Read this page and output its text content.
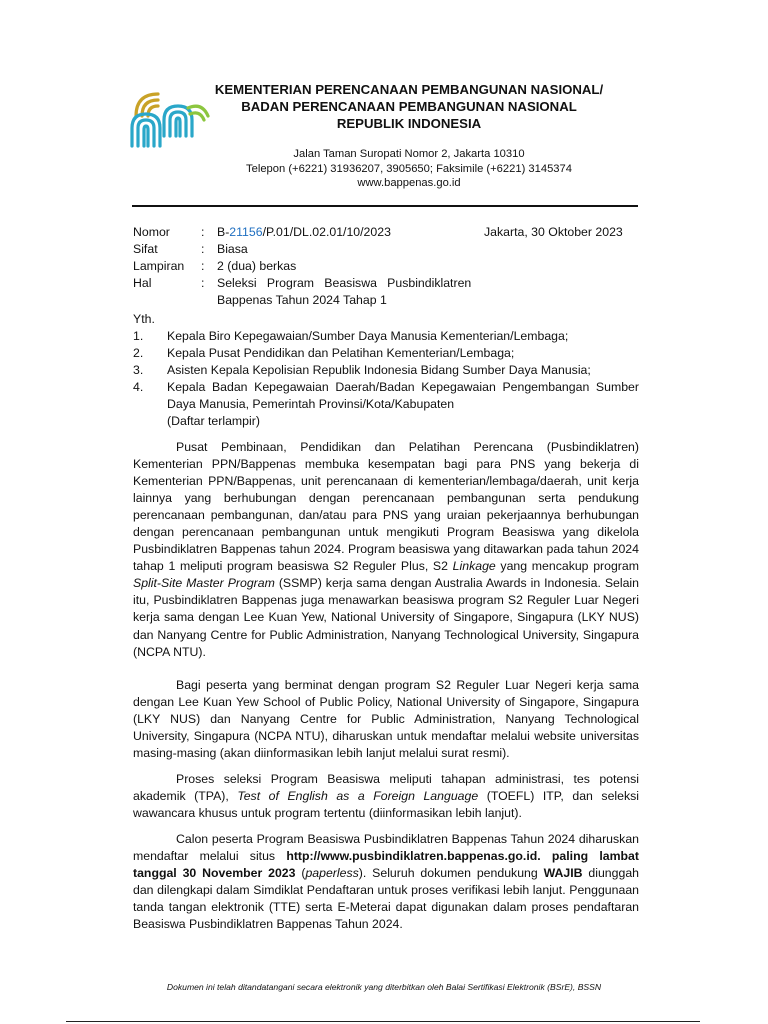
KEMENTERIAN PERENCANAAN PEMBANGUNAN NASIONAL/
BADAN PERENCANAAN PEMBANGUNAN NASIONAL
REPUBLIK INDONESIA
Jalan Taman Suropati Nomor 2, Jakarta 10310
Telepon (+6221) 31936207, 3905650; Faksimile (+6221) 3145374
www.bappenas.go.id
Nomor	: B-21156/P.01/DL.02.01/10/2023	Jakarta, 30 Oktober 2023
Sifat	: Biasa
Lampiran : 2 (dua) berkas
Hal	: Seleksi   Program   Beasiswa   Pusbindiklatren
Bappenas Tahun 2024 Tahap 1
Yth.
1. Kepala Biro Kepegawaian/Sumber Daya Manusia Kementerian/Lembaga;
2. Kepala Pusat Pendidikan dan Pelatihan Kementerian/Lembaga;
3. Asisten Kepala Kepolisian Republik Indonesia Bidang Sumber Daya Manusia;
4. Kepala Badan Kepegawaian Daerah/Badan Kepegawaian Pengembangan Sumber Daya Manusia, Pemerintah Provinsi/Kota/Kabupaten
(Daftar terlampir)

Pusat Pembinaan, Pendidikan dan Pelatihan Perencana (Pusbindiklatren) Kementerian PPN/Bappenas membuka kesempatan bagi para PNS yang bekerja di Kementerian PPN/Bappenas, unit perencanaan di kementerian/lembaga/daerah, unit kerja lainnya yang berhubungan dengan perencanaan pembangunan serta pendukung perencanaan pembangunan, dan/atau para PNS yang uraian pekerjaannya berhubungan dengan perencanaan pembangunan untuk mengikuti Program Beasiswa yang dikelola Pusbindiklatren Bappenas tahun 2024. Program beasiswa yang ditawarkan pada tahun 2024 tahap 1 meliputi program beasiswa S2 Reguler Plus, S2 Linkage yang mencakup program Split-Site Master Program (SSMP) kerja sama dengan Australia Awards in Indonesia. Selain itu, Pusbindiklatren Bappenas juga menawarkan beasiswa program S2 Reguler Luar Negeri kerja sama dengan Lee Kuan Yew, National University of Singapore, Singapura (LKY NUS) dan Nanyang Centre for Public Administration, Nanyang Technological University, Singapura (NCPA NTU).

Bagi peserta yang berminat dengan program S2 Reguler Luar Negeri kerja sama dengan Lee Kuan Yew School of Public Policy, National University of Singapore, Singapura (LKY NUS) dan Nanyang Centre for Public Administration, Nanyang Technological University, Singapura (NCPA NTU), diharuskan untuk mendaftar melalui website universitas masing-masing (akan diinformasikan lebih lanjut melalui surat resmi).

Proses seleksi Program Beasiswa meliputi tahapan administrasi, tes potensi akademik (TPA), Test of English as a Foreign Language (TOEFL) ITP, dan seleksi wawancara khusus untuk program tertentu (diinformasikan lebih lanjut).

Calon peserta Program Beasiswa Pusbindiklatren Bappenas Tahun 2024 diharuskan mendaftar melalui situs http://www.pusbindiklatren.bappenas.go.id. paling lambat tanggal 30 November 2023 (paperless). Seluruh dokumen pendukung WAJIB diunggah dan dilengkapi dalam Simdiklat Pendaftaran untuk proses verifikasi lebih lanjut. Penggunaan tanda tangan elektronik (TTE) serta E-Meterai dapat digunakan dalam proses pendaftaran Beasiswa Pusbindiklatren Bappenas Tahun 2024.

Dokumen ini telah ditandatangani secara elektronik yang diterbitkan oleh Balai Sertifikasi Elektronik (BSrE), BSSN
